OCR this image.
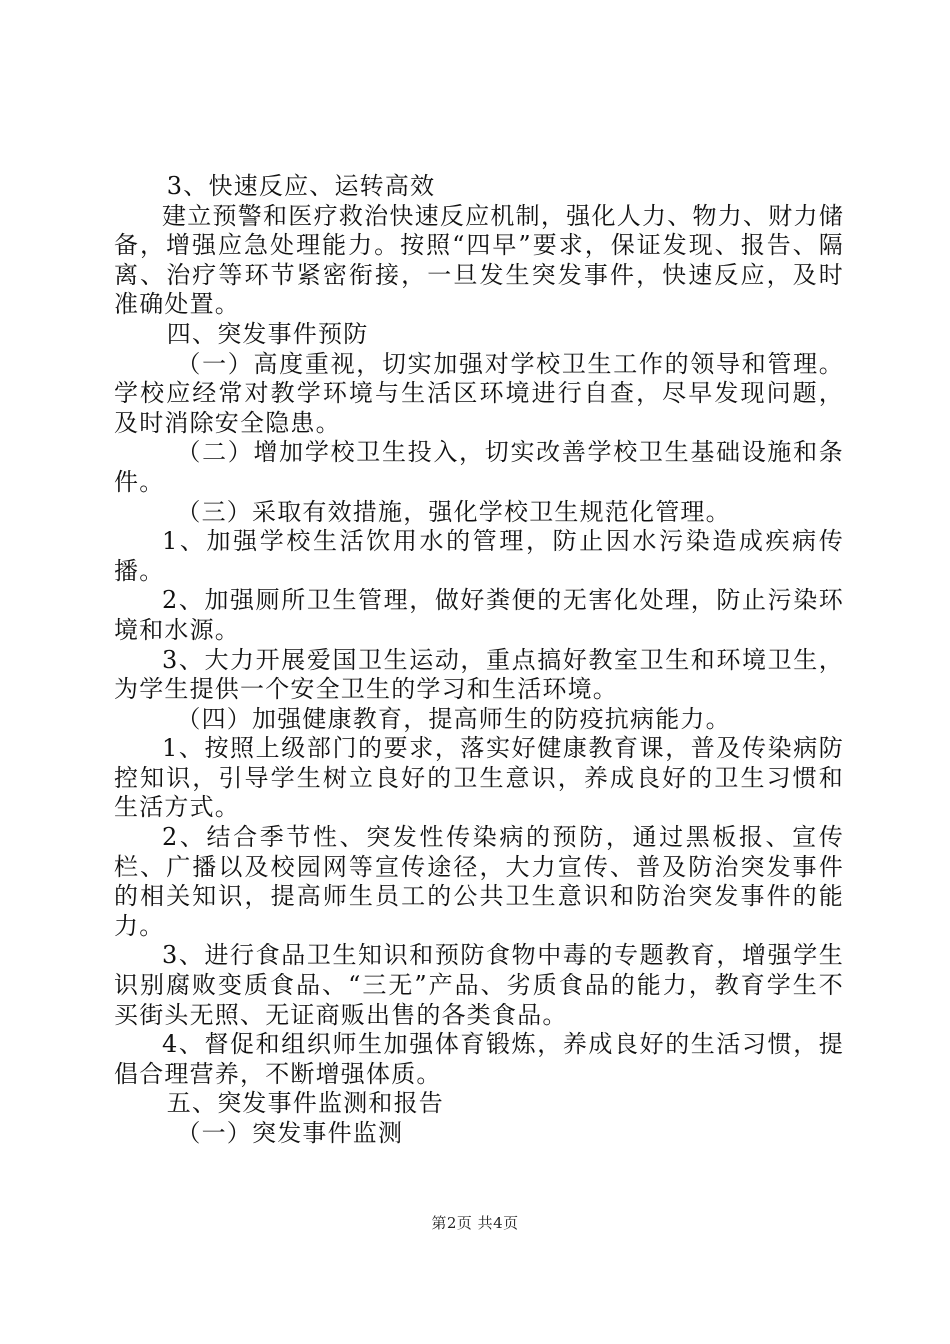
3、快速反应、运转高效

建立预警和医疗救治快速反应机制，强化人力、物力、财力储备，增强应急处理能力。按照“四早”要求，保证发现、报告、隔离、治疗等环节紧密衔接，一旦发生突发事件，快速反应，及时准确处置。

四、突发事件预防

（一）高度重视，切实加强对学校卫生工作的领导和管理。学校应经常对教学环境与生活区环境进行自查，尽早发现问题，及时消除安全隐患。

（二）增加学校卫生投入，切实改善学校卫生基础设施和条件。

（三）采取有效措施，强化学校卫生规范化管理。

1、加强学校生活饮用水的管理，防止因水污染造成疾病传播。

2、加强厕所卫生管理，做好粪便的无害化处理，防止污染环境和水源。

3、大力开展爱国卫生运动，重点搞好教室卫生和环境卫生，为学生提供一个安全卫生的学习和生活环境。

（四）加强健康教育，提高师生的防疫抗病能力。

1、按照上级部门的要求，落实好健康教育课，普及传染病防控知识，引导学生树立良好的卫生意识，养成良好的卫生习惯和生活方式。

2、结合季节性、突发性传染病的预防，通过黑板报、宣传栏、广播以及校园网等宣传途径，大力宣传、普及防治突发事件的相关知识，提高师生员工的公共卫生意识和防治突发事件的能力。

3、进行食品卫生知识和预防食物中毒的专题教育，增强学生识别腐败变质食品、“三无”产品、劣质食品的能力，教育学生不买街头无照、无证商贩出售的各类食品。

4、督促和组织师生加强体育锻炼，养成良好的生活习惯，提倡合理营养，不断增强体质。

五、突发事件监测和报告

（一）突发事件监测

第2页 共4页
